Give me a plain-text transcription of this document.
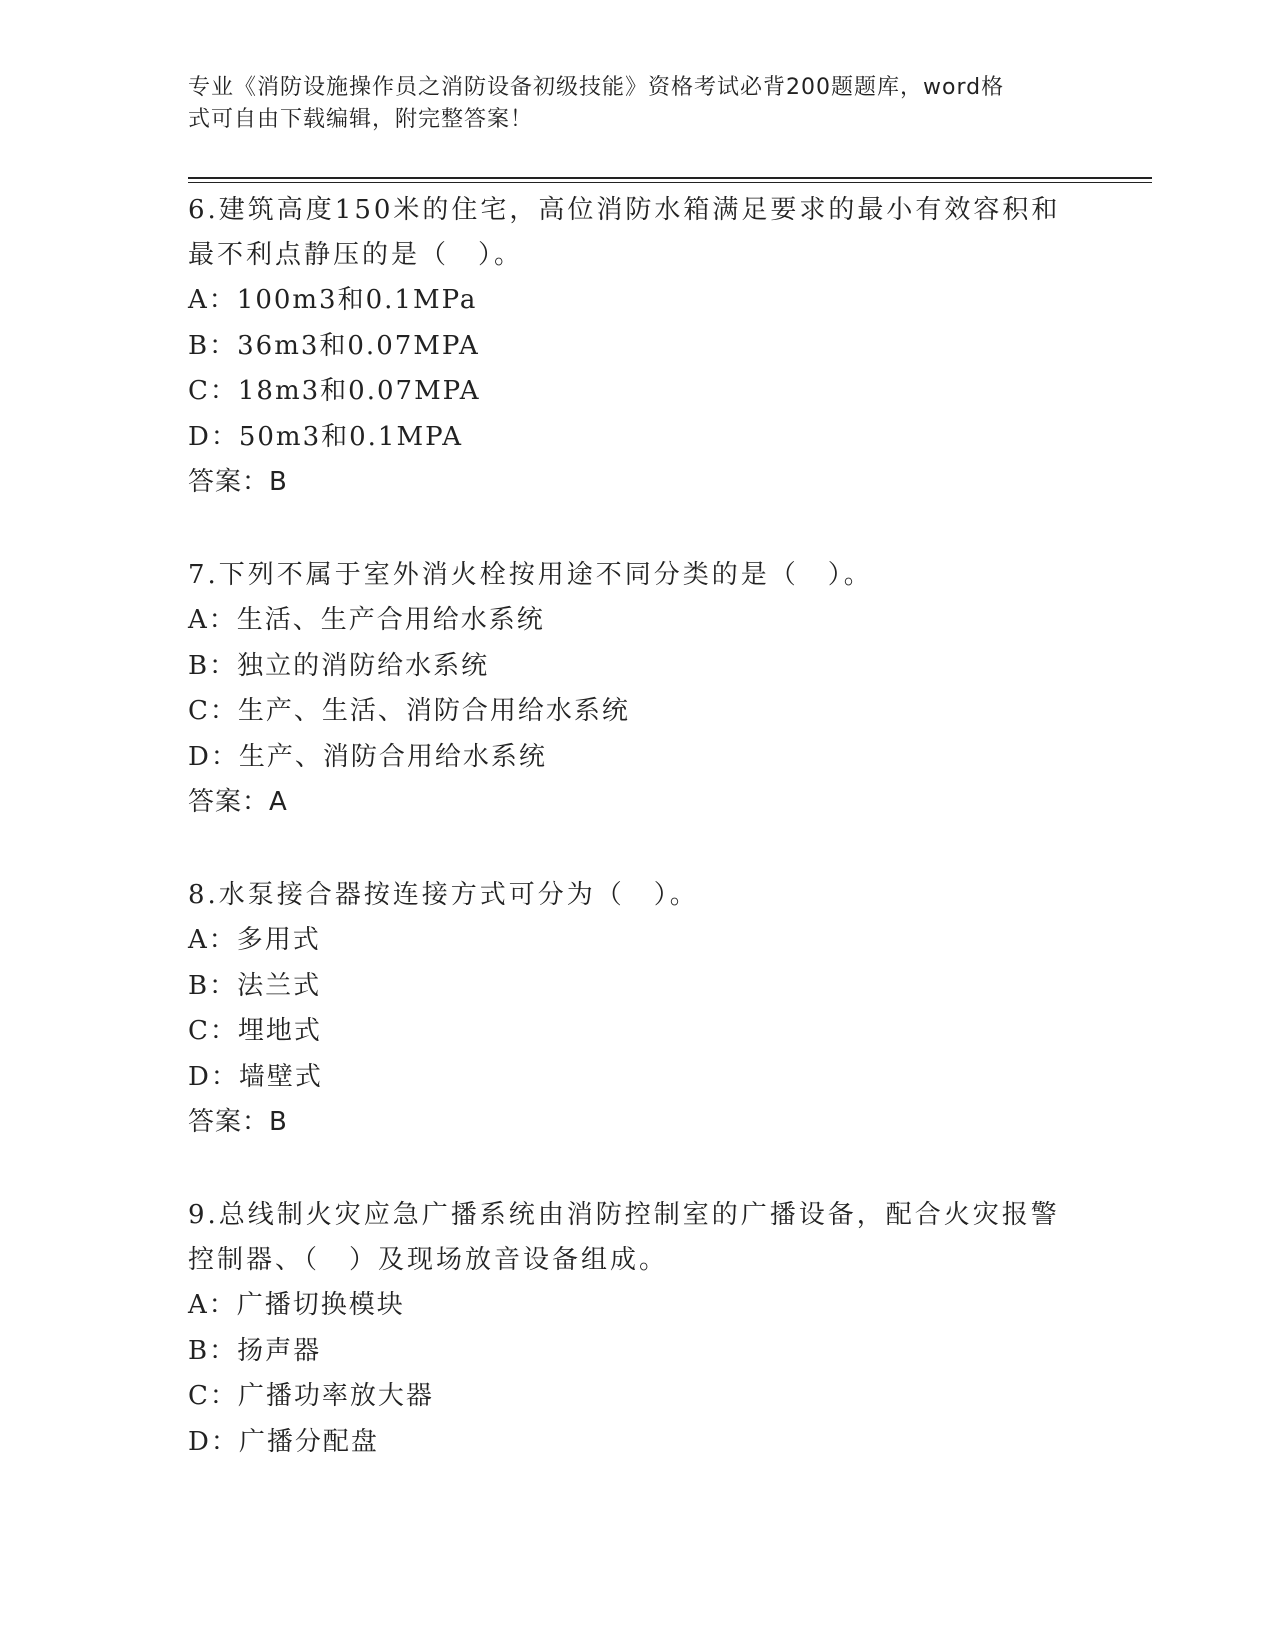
专业《消防设施操作员之消防设备初级技能》资格考试必背200题题库，word格
式可自由下载编辑，附完整答案！
6.建筑高度150米的住宅，高位消防水箱满足要求的最小有效容积和
最不利点静压的是（　）。
A：100m3和0.1MPa
B：36m3和0.07MPA
C：18m3和0.07MPA
D：50m3和0.1MPA
答案：B
7.下列不属于室外消火栓按用途不同分类的是（　）。
A：生活、生产合用给水系统
B：独立的消防给水系统
C：生产、生活、消防合用给水系统
D：生产、消防合用给水系统
答案：A
8.水泵接合器按连接方式可分为（　）。
A：多用式
B：法兰式
C：埋地式
D：墙壁式
答案：B
9.总线制火灾应急广播系统由消防控制室的广播设备，配合火灾报警
控制器、（　）及现场放音设备组成。
A：广播切换模块
B：扬声器
C：广播功率放大器
D：广播分配盘
